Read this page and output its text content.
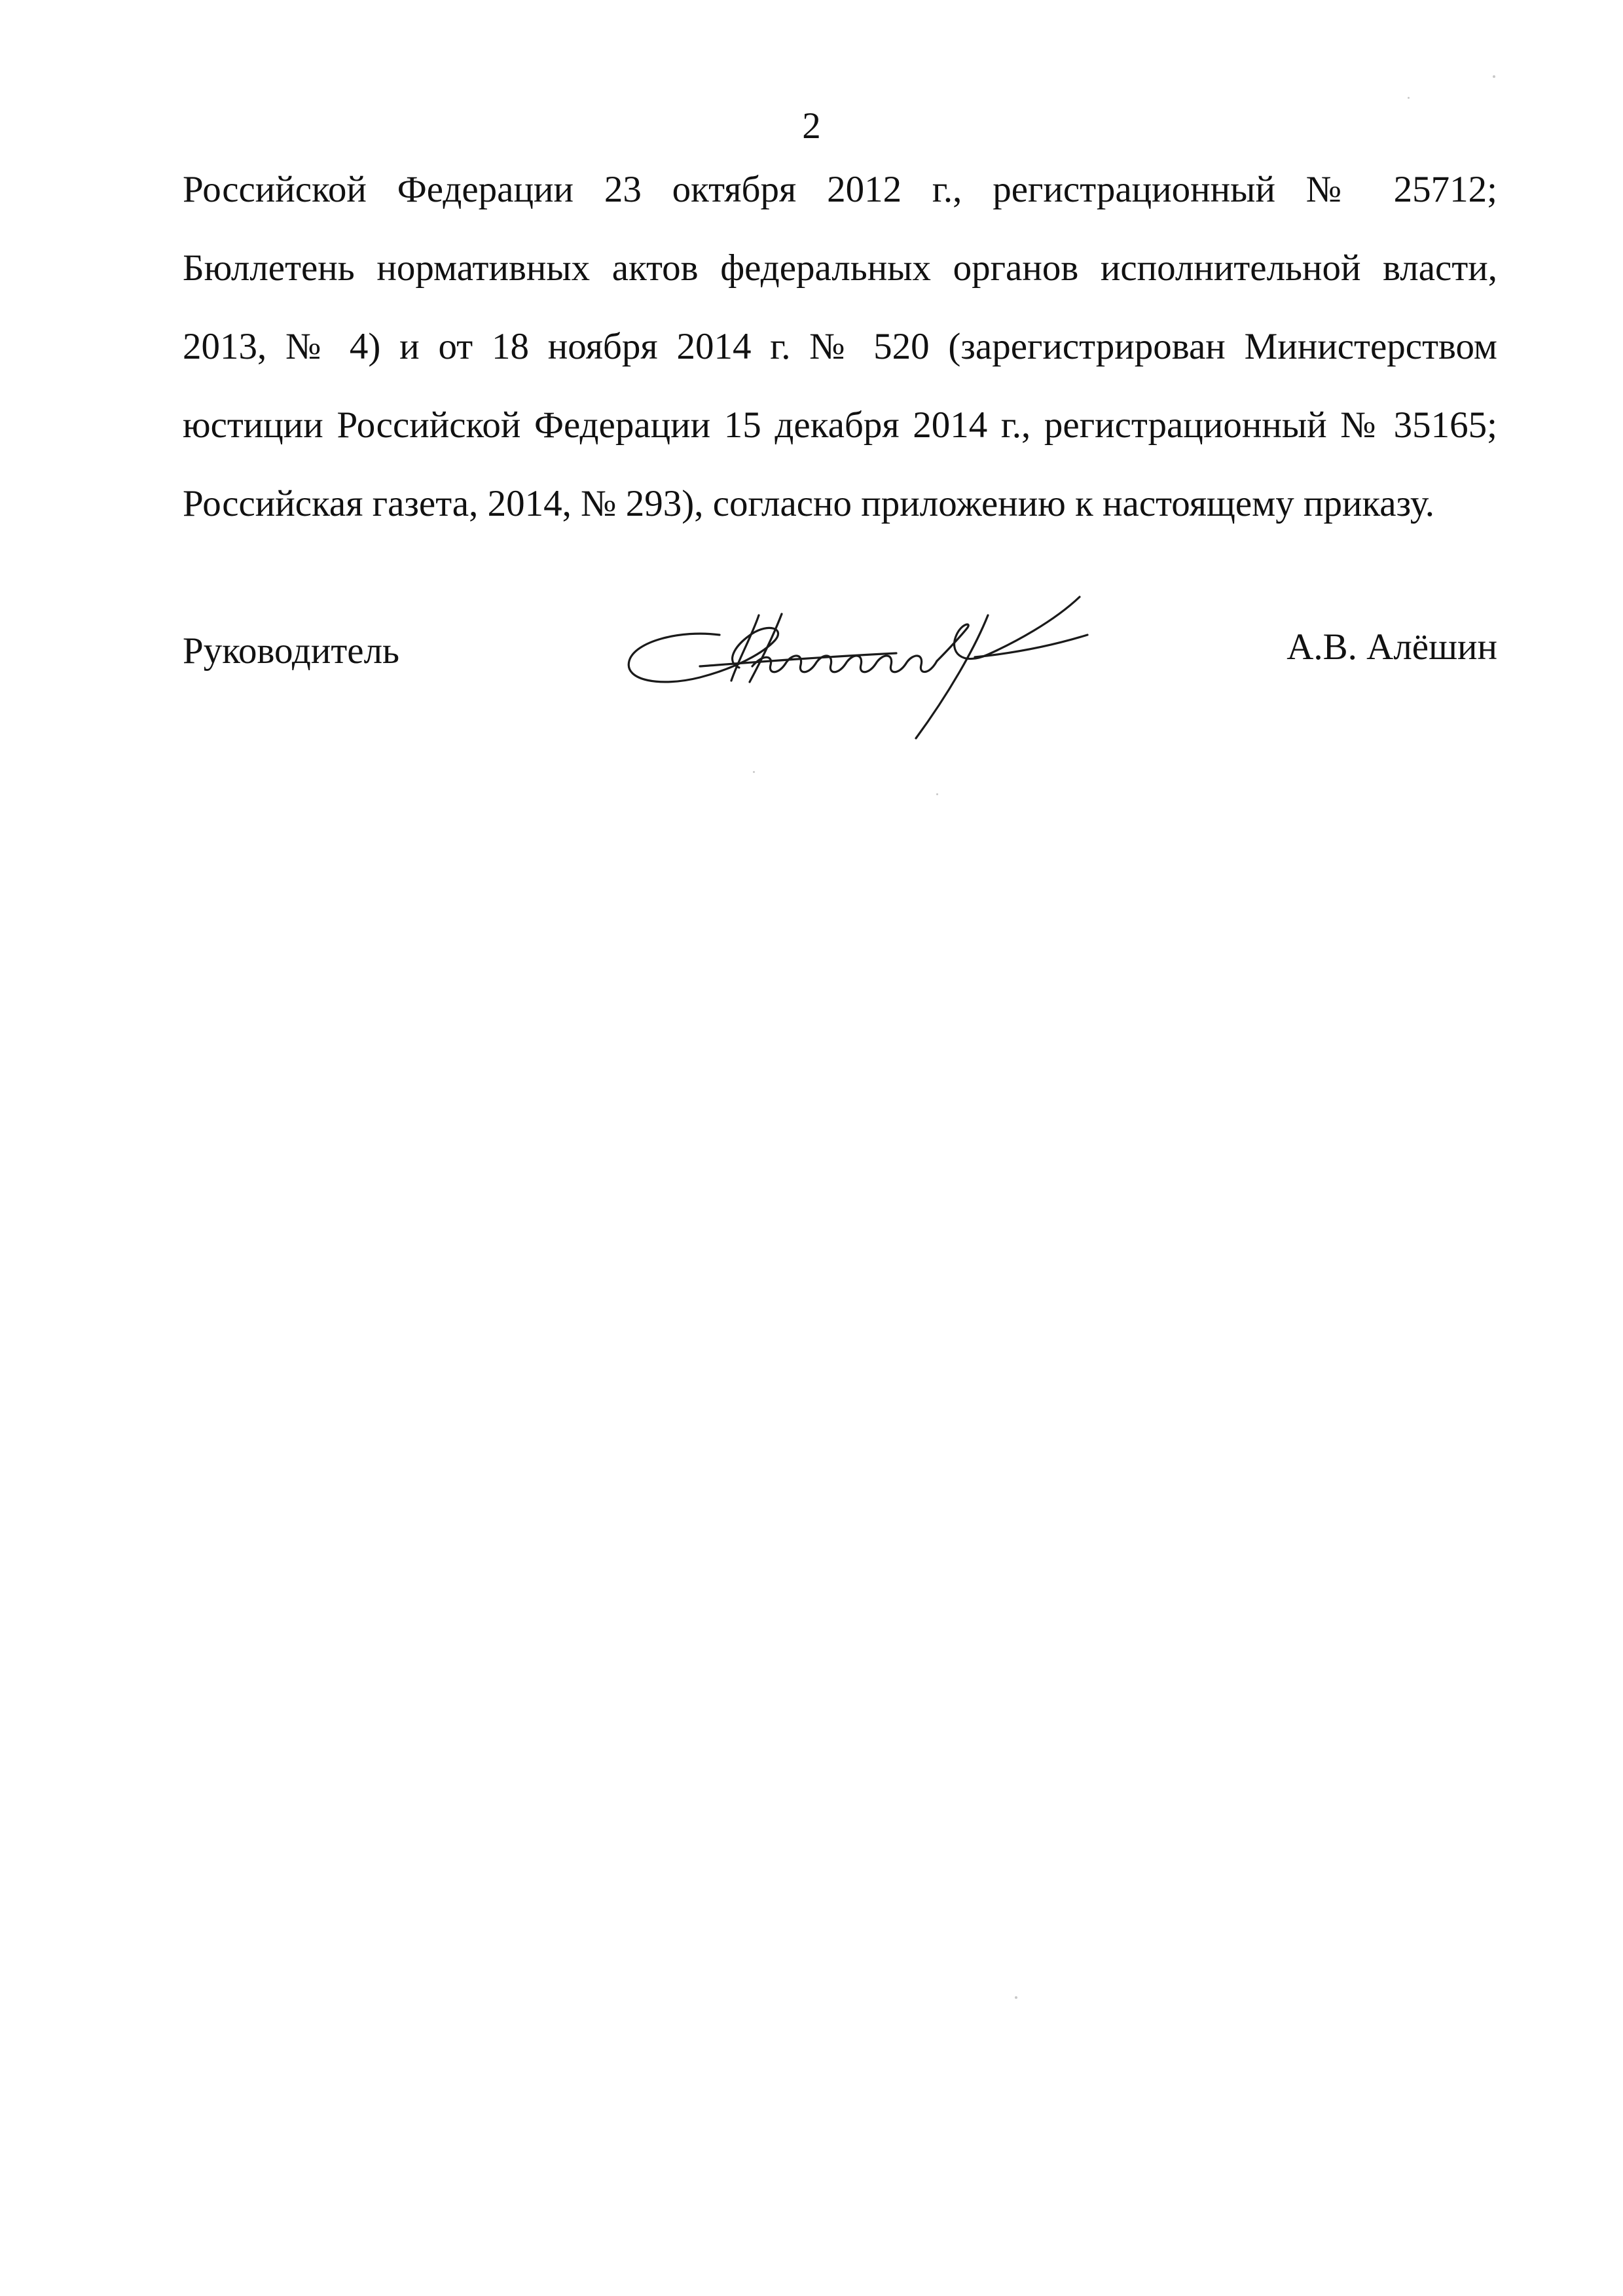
2
Российской Федерации 23 октября 2012 г., регистрационный № 25712;
Бюллетень нормативных актов федеральных органов исполнительной власти,
2013, № 4) и от 18 ноября 2014 г. № 520 (зарегистрирован Министерством
юстиции Российской Федерации 15 декабря 2014 г., регистрационный № 35165;
Российская газета, 2014, № 293), согласно приложению к настоящему приказу.
Руководитель	А.В. Алёшин
